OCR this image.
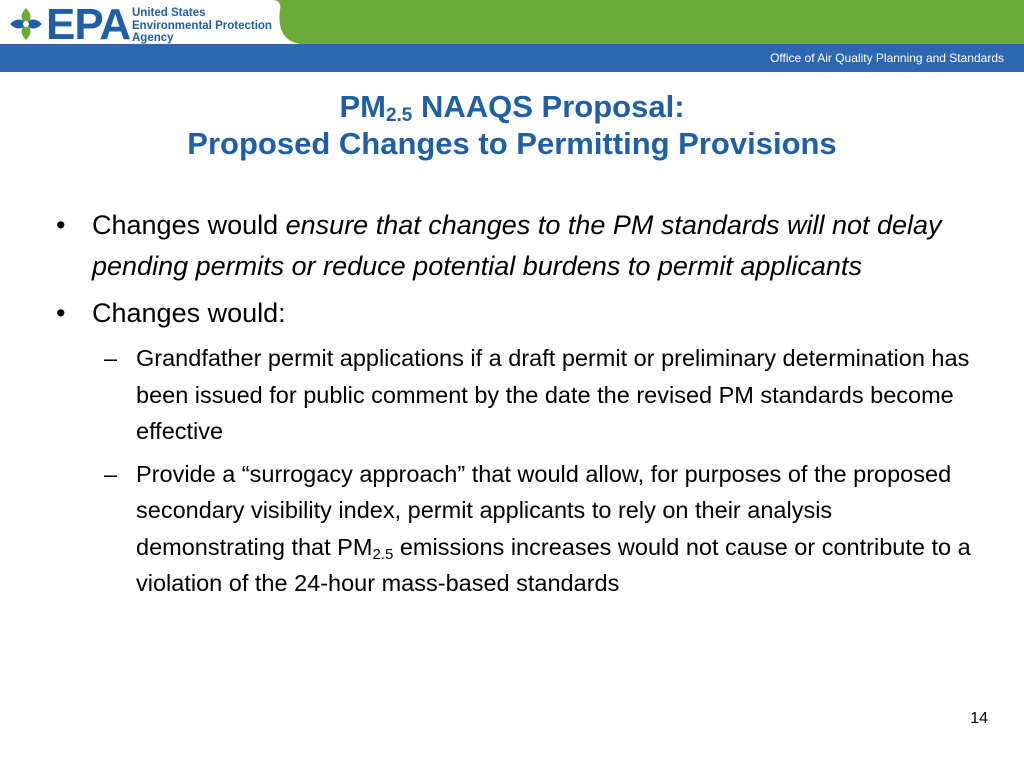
EPA United States
Environmental Protection
Agency
Office of Air Quality Planning and Standards
$PM_{2.5}$ NAAQS Proposal:
Proposed Changes to Permitting Provisions
• Changes would ensure that changes to the PM standards will not delay pending permits or reduce potential burdens to permit applicants
• Changes would:
– Grandfather permit applications if a draft permit or preliminary determination has been issued for public comment by the date the revised PM standards become effective
– Provide a “surrogacy approach” that would allow, for purposes of the proposed secondary visibility index, permit applicants to rely on their analysis demonstrating that $PM_{2.5}$ emissions increases would not cause or contribute to a violation of the 24-hour mass-based standards
14
